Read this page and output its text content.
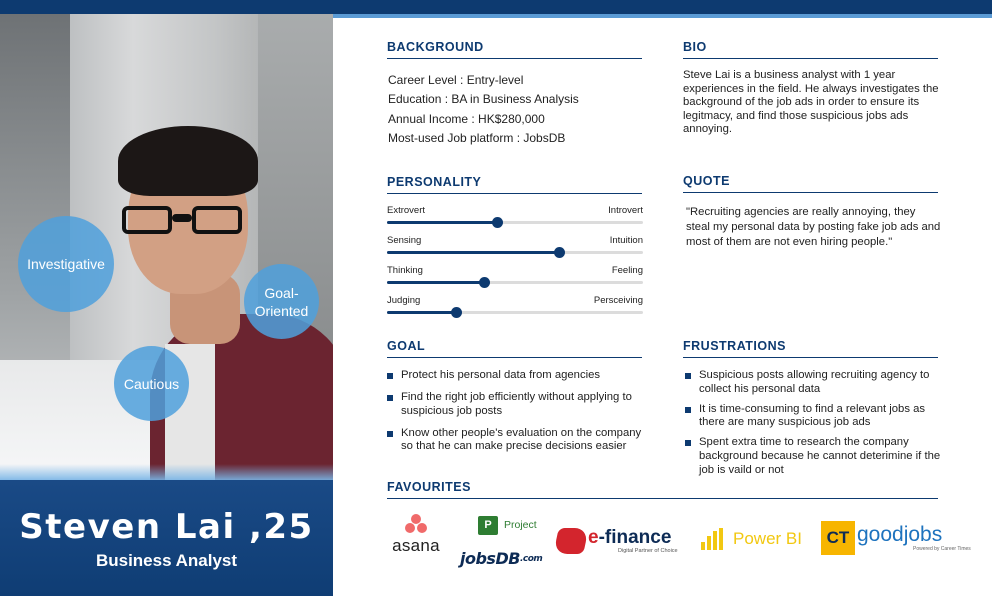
Investigative
Goal-Oriented
Cautious
Steven Lai ,25
Business Analyst
BACKGROUND
Career Level : Entry-level
Education : BA in Business Analysis
Annual Income : HK$280,000
Most-used Job platform : JobsDB
BIO
Steve Lai is a business analyst with 1 year experiences in the field. He always investigates the background of the job ads in order to ensure its legitmacy, and find those suspicious jobs ads annoying.
PERSONALITY
Extrovert	Introvert
Sensing	Intuition
Thinking	Feeling
Judging	Persceiving
QUOTE
"Recruiting agencies are really annoying, they steal my personal data by posting fake job ads and most of them are not even hiring people."
GOAL
Protect his personal data from agencies
Find the right job efficiently without applying to suspicious job posts
Know other people's evaluation on the company so that he can make precise decisions easier
FRUSTRATIONS
Suspicious posts allowing recruiting agency to collect his personal data
It is time-consuming to find a relevant jobs as there are many suspicious job ads
Spent extra time to research the company background because he cannot deterimine if the job is vaild or not
FAVOURITES
asana
P	Project
jobsDB .com
e-finance
Digital Partner of Choice
Power BI	CT goodjobs
Powered by Career Times
